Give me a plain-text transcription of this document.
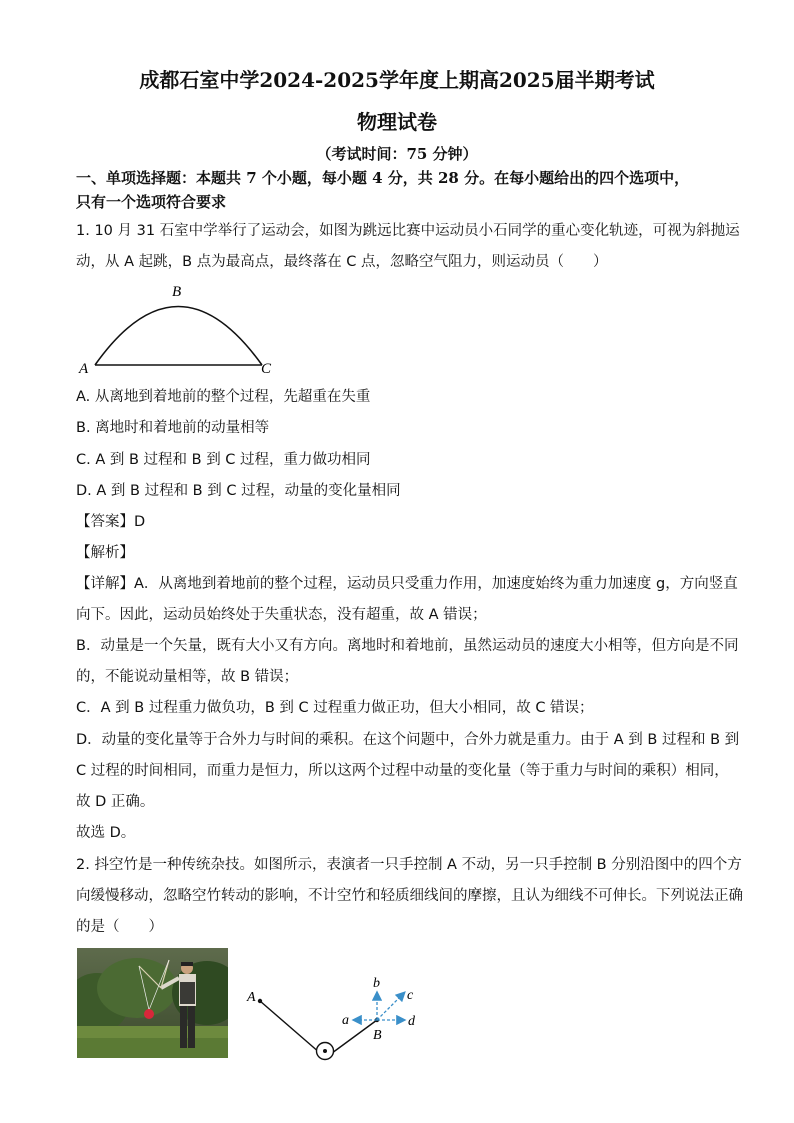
成都石室中学2024-2025学年度上期高2025届半期考试
物理试卷
（考试时间：75 分钟）
一、单项选择题：本题共 7 个小题，每小题 4 分，共 28 分。在每小题给出的四个选项中，
只有一个选项符合要求
1. 10 月 31 石室中学举行了运动会，如图为跳远比赛中运动员小石同学的重心变化轨迹，可视为斜抛运
动，从 A 起跳，B 点为最高点，最终落在 C 点，忽略空气阻力，则运动员（　　）
B
A	C
A. 从离地到着地前的整个过程，先超重在失重
B. 离地时和着地前的动量相等
C. A 到 B 过程和 B 到 C 过程，重力做功相同
D. A 到 B 过程和 B 到 C 过程，动量的变化量相同
【答案】D
【解析】
【详解】A．从离地到着地前的整个过程，运动员只受重力作用，加速度始终为重力加速度 g，方向竖直
向下。因此，运动员始终处于失重状态，没有超重，故 A 错误；
B．动量是一个矢量，既有大小又有方向。离地时和着地前，虽然运动员的速度大小相等，但方向是不同
的，不能说动量相等，故 B 错误；
C．A 到 B 过程重力做负功，B 到 C 过程重力做正功，但大小相同，故 C 错误；
D．动量的变化量等于合外力与时间的乘积。在这个问题中，合外力就是重力。由于 A 到 B 过程和 B 到
C 过程的时间相同，而重力是恒力，所以这两个过程中动量的变化量（等于重力与时间的乘积）相同，
故 D 正确。
故选 D。
2. 抖空竹是一种传统杂技。如图所示，表演者一只手控制 A 不动，另一只手控制 B 分别沿图中的四个方
向缓慢移动，忽略空竹转动的影响，不计空竹和轻质细线间的摩擦，且认为细线不可伸长。下列说法正确
的是（　　）
A
B
a
b
c
d
